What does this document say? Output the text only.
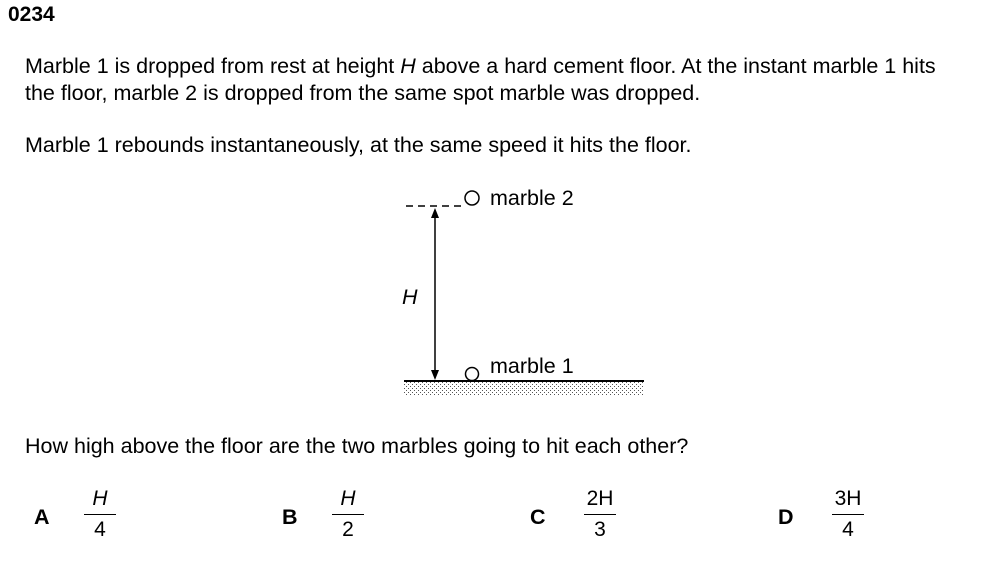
0234
Marble 1 is dropped from rest at height H above a hard cement floor. At the instant marble 1 hits
the floor, marble 2 is dropped from the same spot marble was dropped.
Marble 1 rebounds instantaneously, at the same speed it hits the floor.
marble 2
H
marble 1
How high above the floor are the two marbles going to hit each other?
A
H
4
B
H
2
C
2H
3
D
3H
4
